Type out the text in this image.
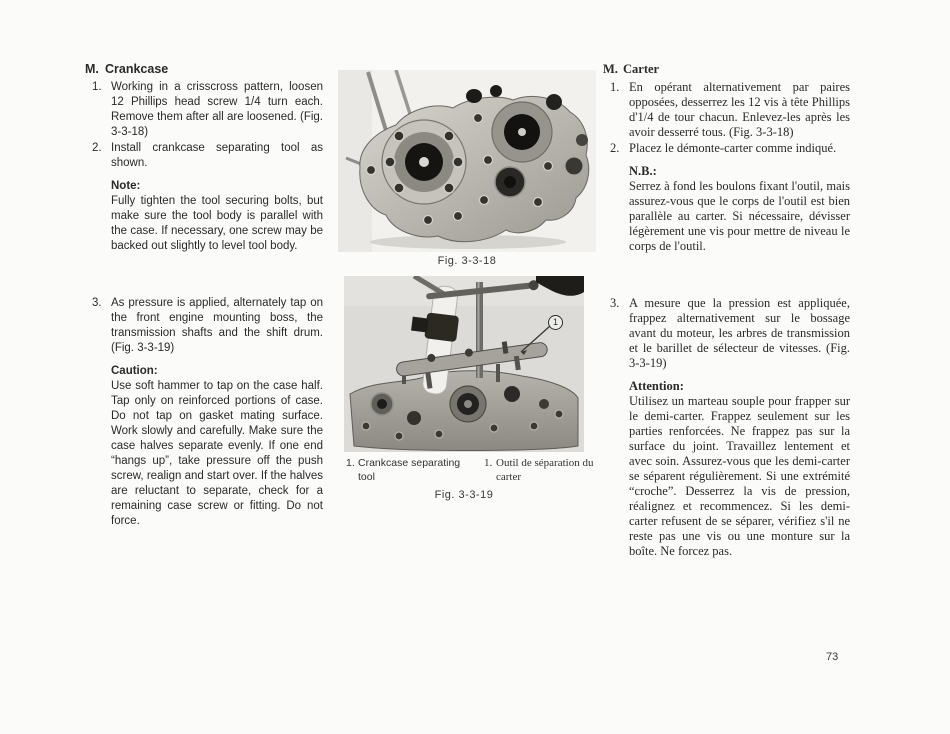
M. Crankcase
1. Working in a crisscross pattern, loosen 12 Phillips head screw 1/4 turn each. Remove them after all are loosened. (Fig. 3-3-18)
2. Install crankcase separating tool as shown.
Note:
Fully tighten the tool securing bolts, but make sure the tool body is parallel with the case. If necessary, one screw may be backed out slightly to level tool body.
3. As pressure is applied, alternately tap on the front engine mounting boss, the transmission shafts and the shift drum. (Fig. 3-3-19)
Caution:
Use soft hammer to tap on the case half. Tap only on reinforced portions of case. Do not tap on gasket mating surface. Work slowly and carefully. Make sure the case halves separate evenly. If one end “hangs up”, take pressure off the push screw, realign and start over. If the halves are reluctant to separate, check for a remaining case screw or fitting. Do not force.
M. Carter
1. En opérant alternativement par paires opposées, desserrez les 12 vis à tête Phillips d'1/4 de tour chacun. Enlevez-les après les avoir desserré tous. (Fig. 3-3-18)
2. Placez le démonte-carter comme indiqué.
N.B.:
Serrez à fond les boulons fixant l'outil, mais assurez-vous que le corps de l'outil est bien parallèle au carter. Si nécessaire, dévisser légèrement une vis pour mettre de niveau le corps de l'outil.
3. A mesure que la pression est appliquée, frappez alternativement sur le bossage avant du moteur, les arbres de transmission et le barillet de sélecteur de vitesses. (Fig. 3-3-19)
Attention:
Utilisez un marteau souple pour frapper sur le demi-carter. Frappez seulement sur les parties renforcées. Ne frappez pas sur la surface du joint. Travaillez lentement et avec soin. Assurez-vous que les demi-carter se séparent régulièrement. Si une extrémité “croche”. Desserrez la vis de pression, réalignez et recommencez. Si les demi-carter refusent de se séparer, vérifiez s'il ne reste pas une vis ou une monture sur la boîte. Ne forcez pas.
Fig. 3-3-18
1
1. Crankcase separating tool
1. Outil de séparation du carter
Fig. 3-3-19
73
